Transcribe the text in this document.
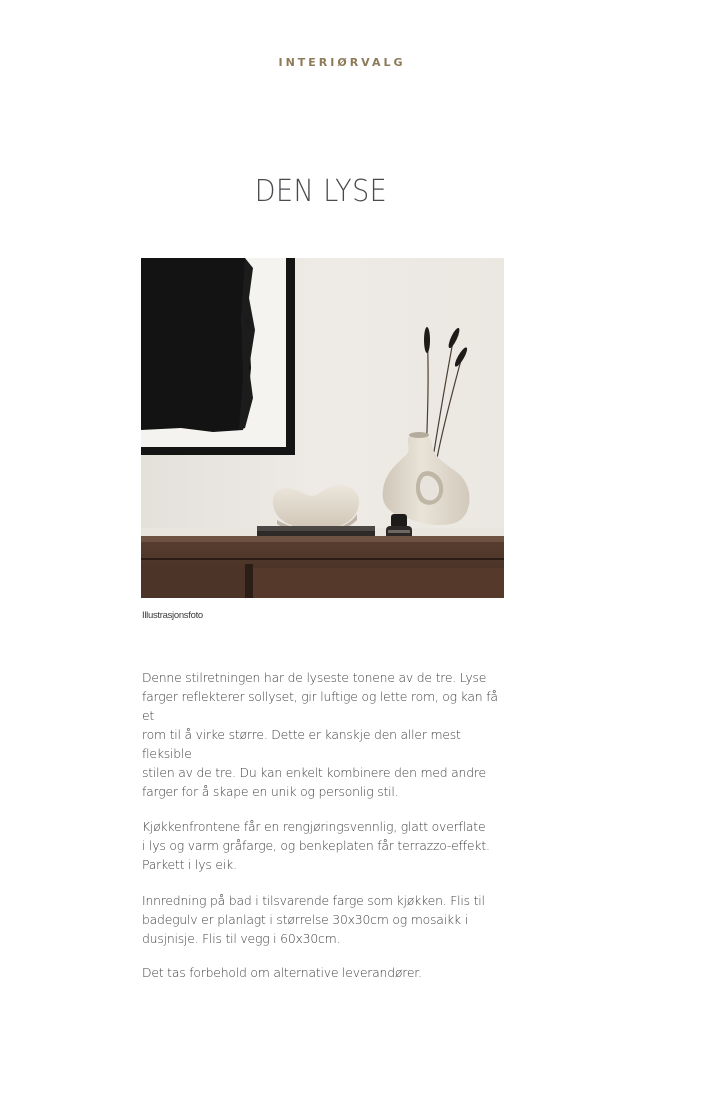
INTERIØRVALG
DEN LYSE
Illustrasjonsfoto

Denne stilretningen har de lyseste tonene av de tre. Lyse
farger reflekterer sollyset, gir luftige og lette rom, og kan få et
rom til å virke større. Dette er kanskje den aller mest fleksible
stilen av de tre. Du kan enkelt kombinere den med andre
farger for å skape en unik og personlig stil.

Kjøkkenfrontene får en rengjøringsvennlig, glatt overflate
i lys og varm gråfarge, og benkeplaten får terrazzo-effekt.
Parkett i lys eik.

Innredning på bad i tilsvarende farge som kjøkken. Flis til
badegulv er planlagt i størrelse 30x30cm og mosaikk i
dusjnisje. Flis til vegg i 60x30cm.

Det tas forbehold om alternative leverandører.
